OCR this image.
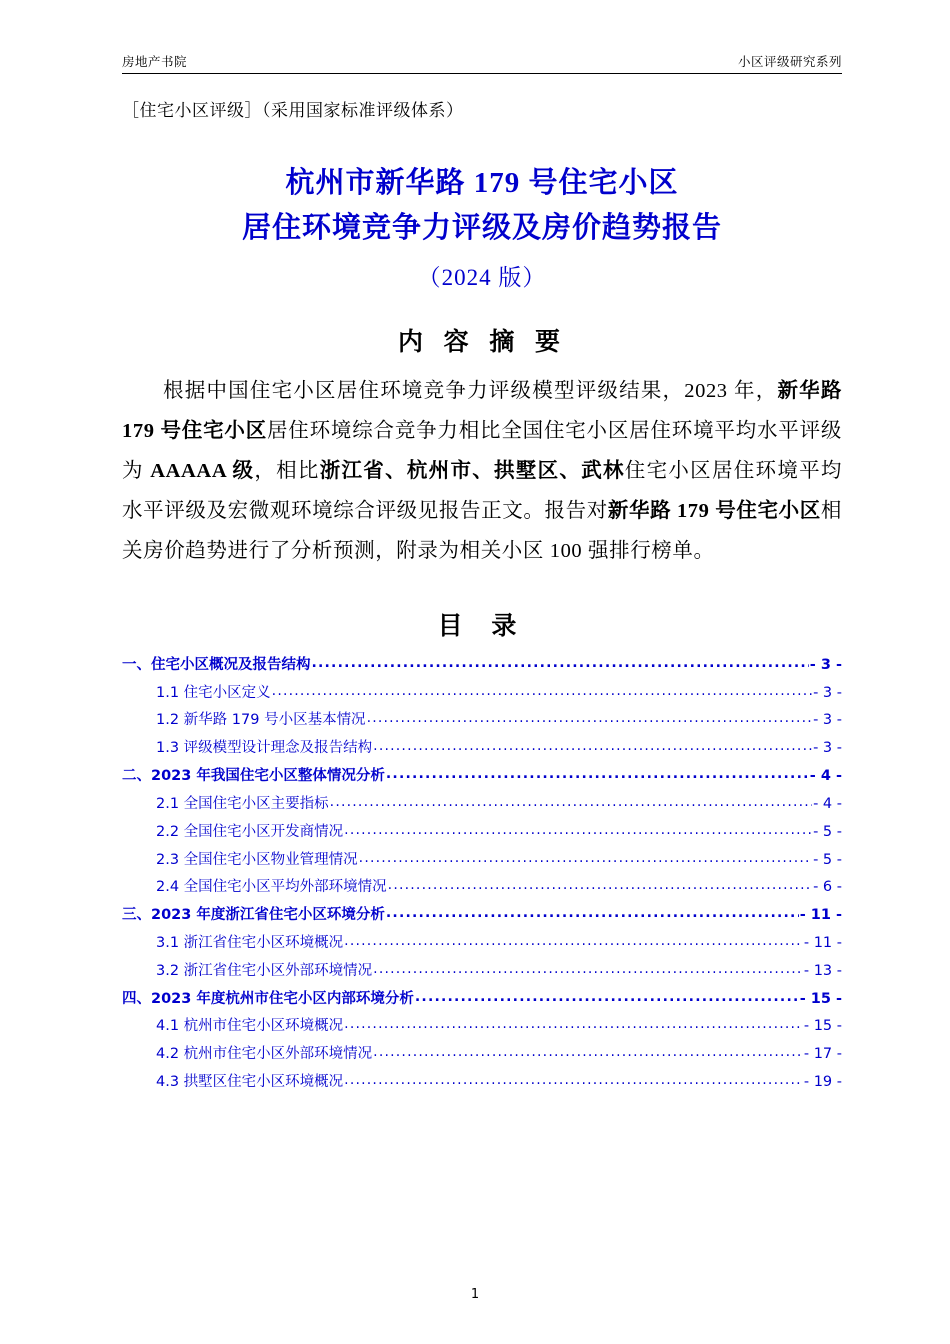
房地产书院	小区评级研究系列
［住宅小区评级］（采用国家标准评级体系）
杭州市新华路 179 号住宅小区
居住环境竞争力评级及房价趋势报告
（2024 版）
内 容 摘 要
根据中国住宅小区居住环境竞争力评级模型评级结果，2023 年，新华路 179 号住宅小区居住环境综合竞争力相比全国住宅小区居住环境平均水平评级为 AAAAA 级，相比浙江省、杭州市、拱墅区、武林住宅小区居住环境平均水平评级及宏微观环境综合评级见报告正文。报告对新华路 179 号住宅小区相关房价趋势进行了分析预测，附录为相关小区 100 强排行榜单。
目 录
一、住宅小区概况及报告结构 .....	- 3 -
1.1 住宅小区定义 .....	- 3 -
1.2 新华路 179 号小区基本情况 .....	- 3 -
1.3 评级模型设计理念及报告结构 .....	- 3 -
二、2023 年我国住宅小区整体情况分析 .....	- 4 -
2.1 全国住宅小区主要指标 .....	- 4 -
2.2 全国住宅小区开发商情况 .....	- 5 -
2.3 全国住宅小区物业管理情况 .....	- 5 -
2.4 全国住宅小区平均外部环境情况 .....	- 6 -
三、2023 年度浙江省住宅小区环境分析 .....	- 11 -
3.1 浙江省住宅小区环境概况 .....	- 11 -
3.2 浙江省住宅小区外部环境情况 .....	- 13 -
四、2023 年度杭州市住宅小区内部环境分析 .....	- 15 -
4.1 杭州市住宅小区环境概况 .....	- 15 -
4.2 杭州市住宅小区外部环境情况 .....	- 17 -
4.3 拱墅区住宅小区环境概况 .....	- 19 -
1
